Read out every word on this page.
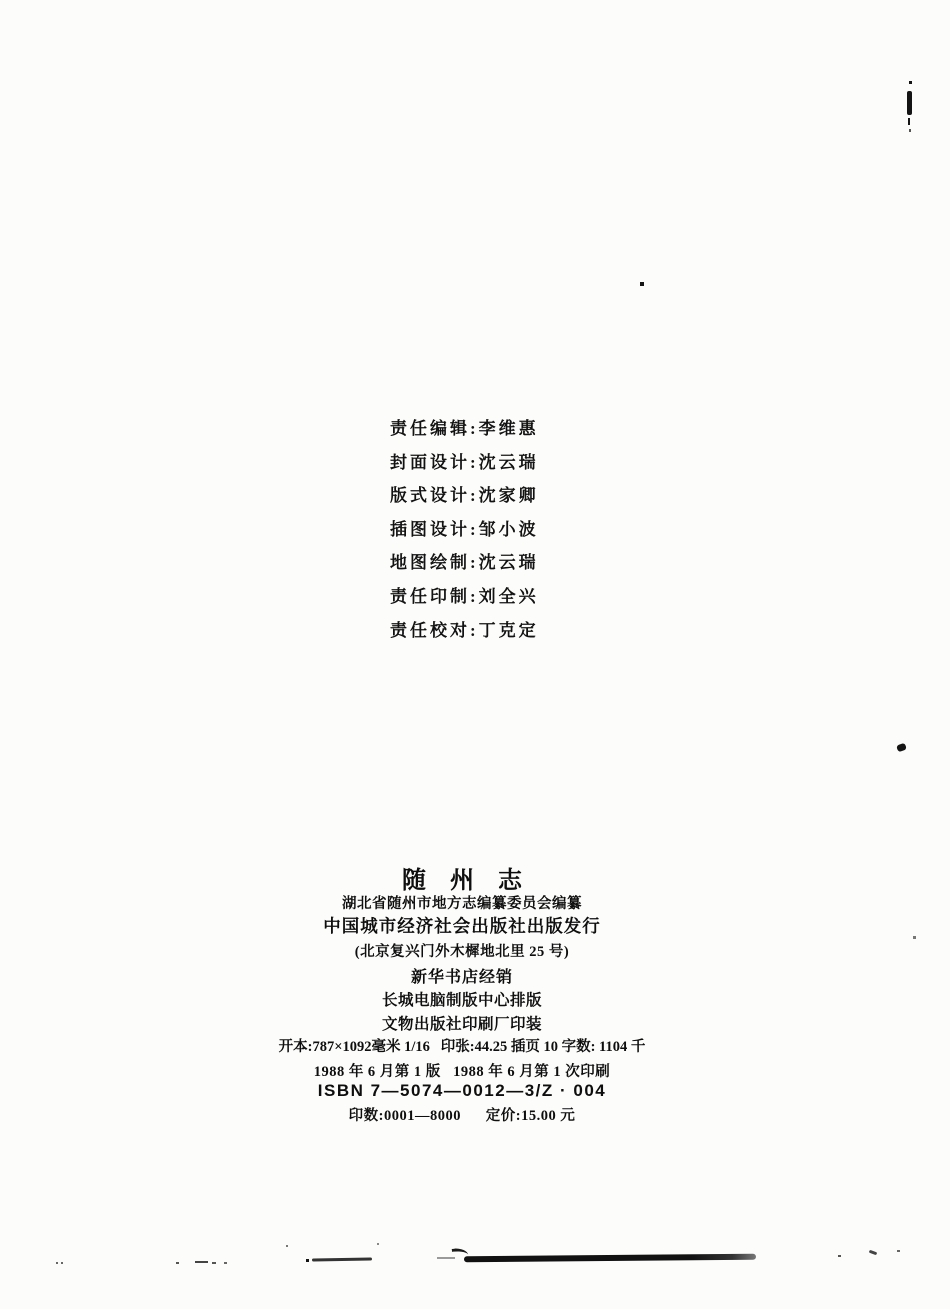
责任编辑:李维惠
封面设计:沈云瑞
版式设计:沈家卿
插图设计:邹小波
地图绘制:沈云瑞
责任印制:刘全兴
责任校对:丁克定
随州志
湖北省随州市地方志编纂委员会编纂
中国城市经济社会出版社出版发行
(北京复兴门外木樨地北里 25 号)
新华书店经销
长城电脑制版中心排版
文物出版社印刷厂印装
开本:787×1092毫米 1/16   印张:44.25 插页 10 字数: 1104 千
1988 年 6 月第 1 版   1988 年 6 月第 1 次印刷
ISBN 7—5074—0012—3/Z · 004
印数:0001—8000      定价:15.00 元
